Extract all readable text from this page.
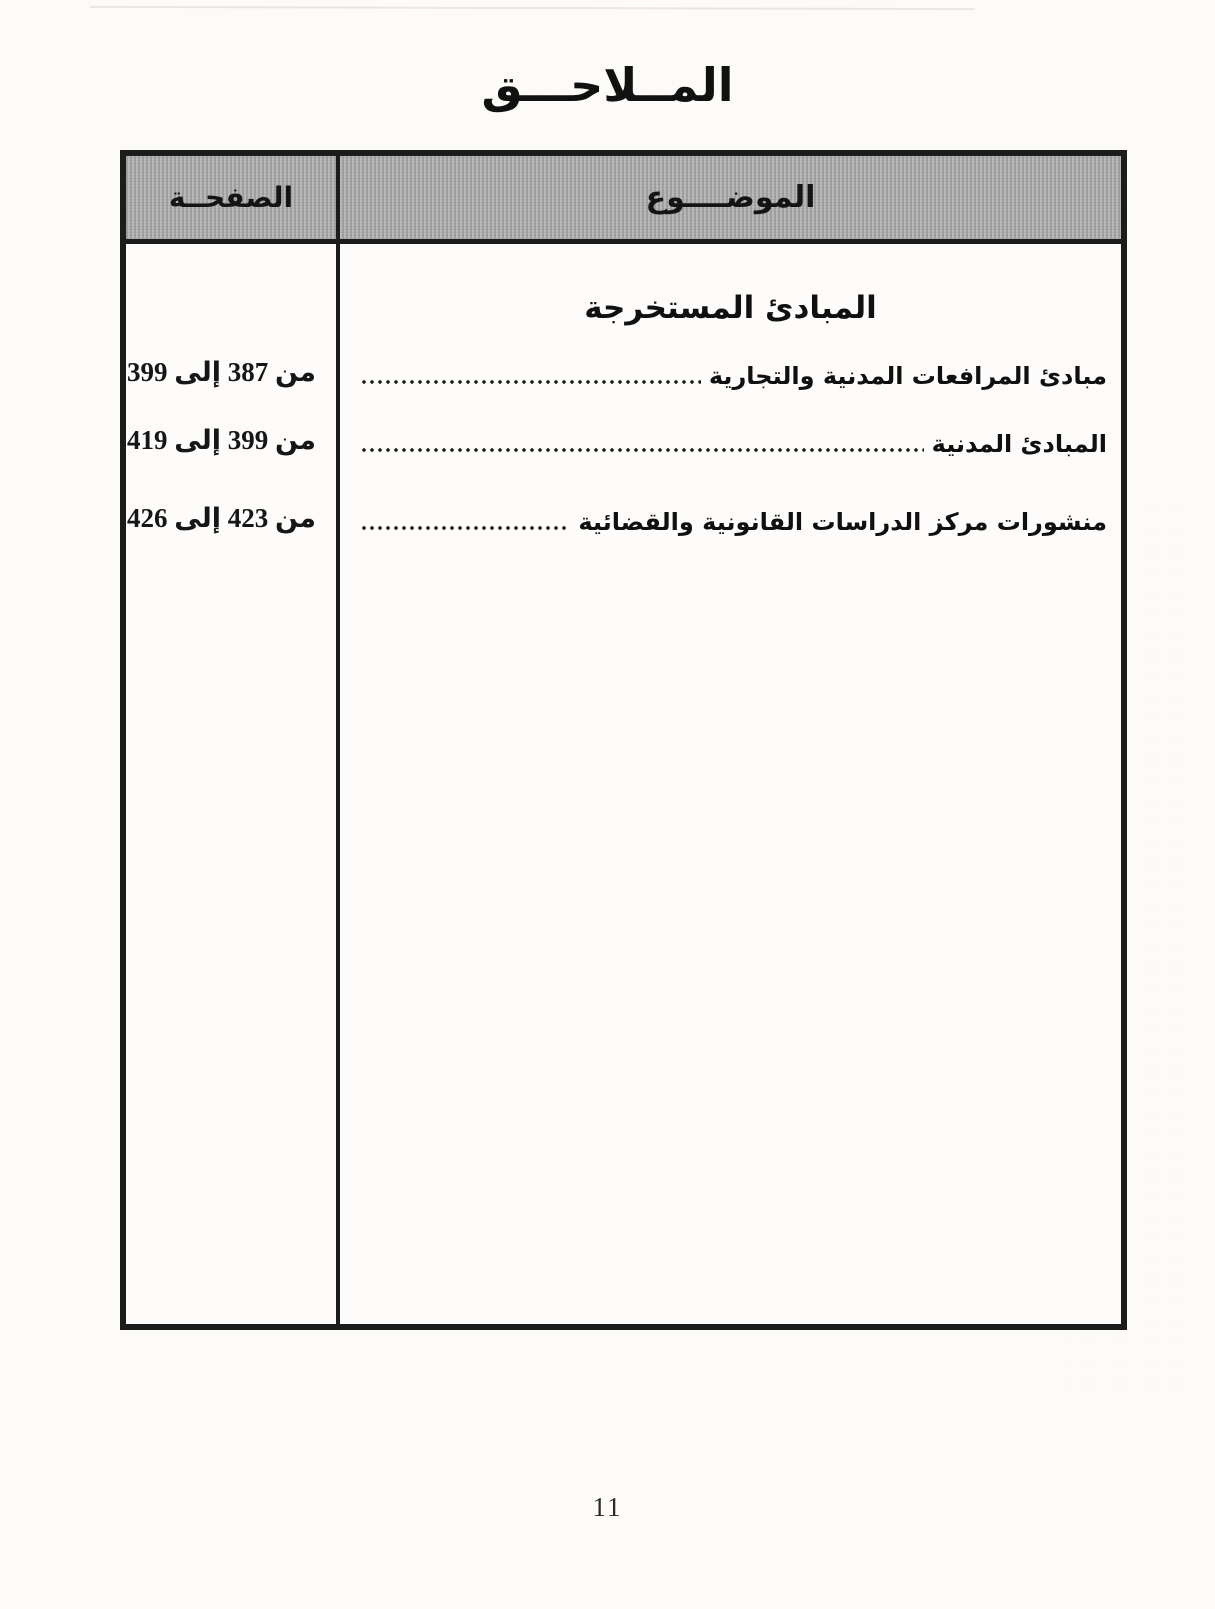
المــلاحـــق
الصفحــة	الموضــــوع
المبادئ المستخرجة
من 387 إلى 399	مبادئ المرافعات المدنية والتجارية
من 399 إلى 419	المبادئ المدنية
من 423 إلى 426	منشورات مركز الدراسات القانونية والقضائية
11
